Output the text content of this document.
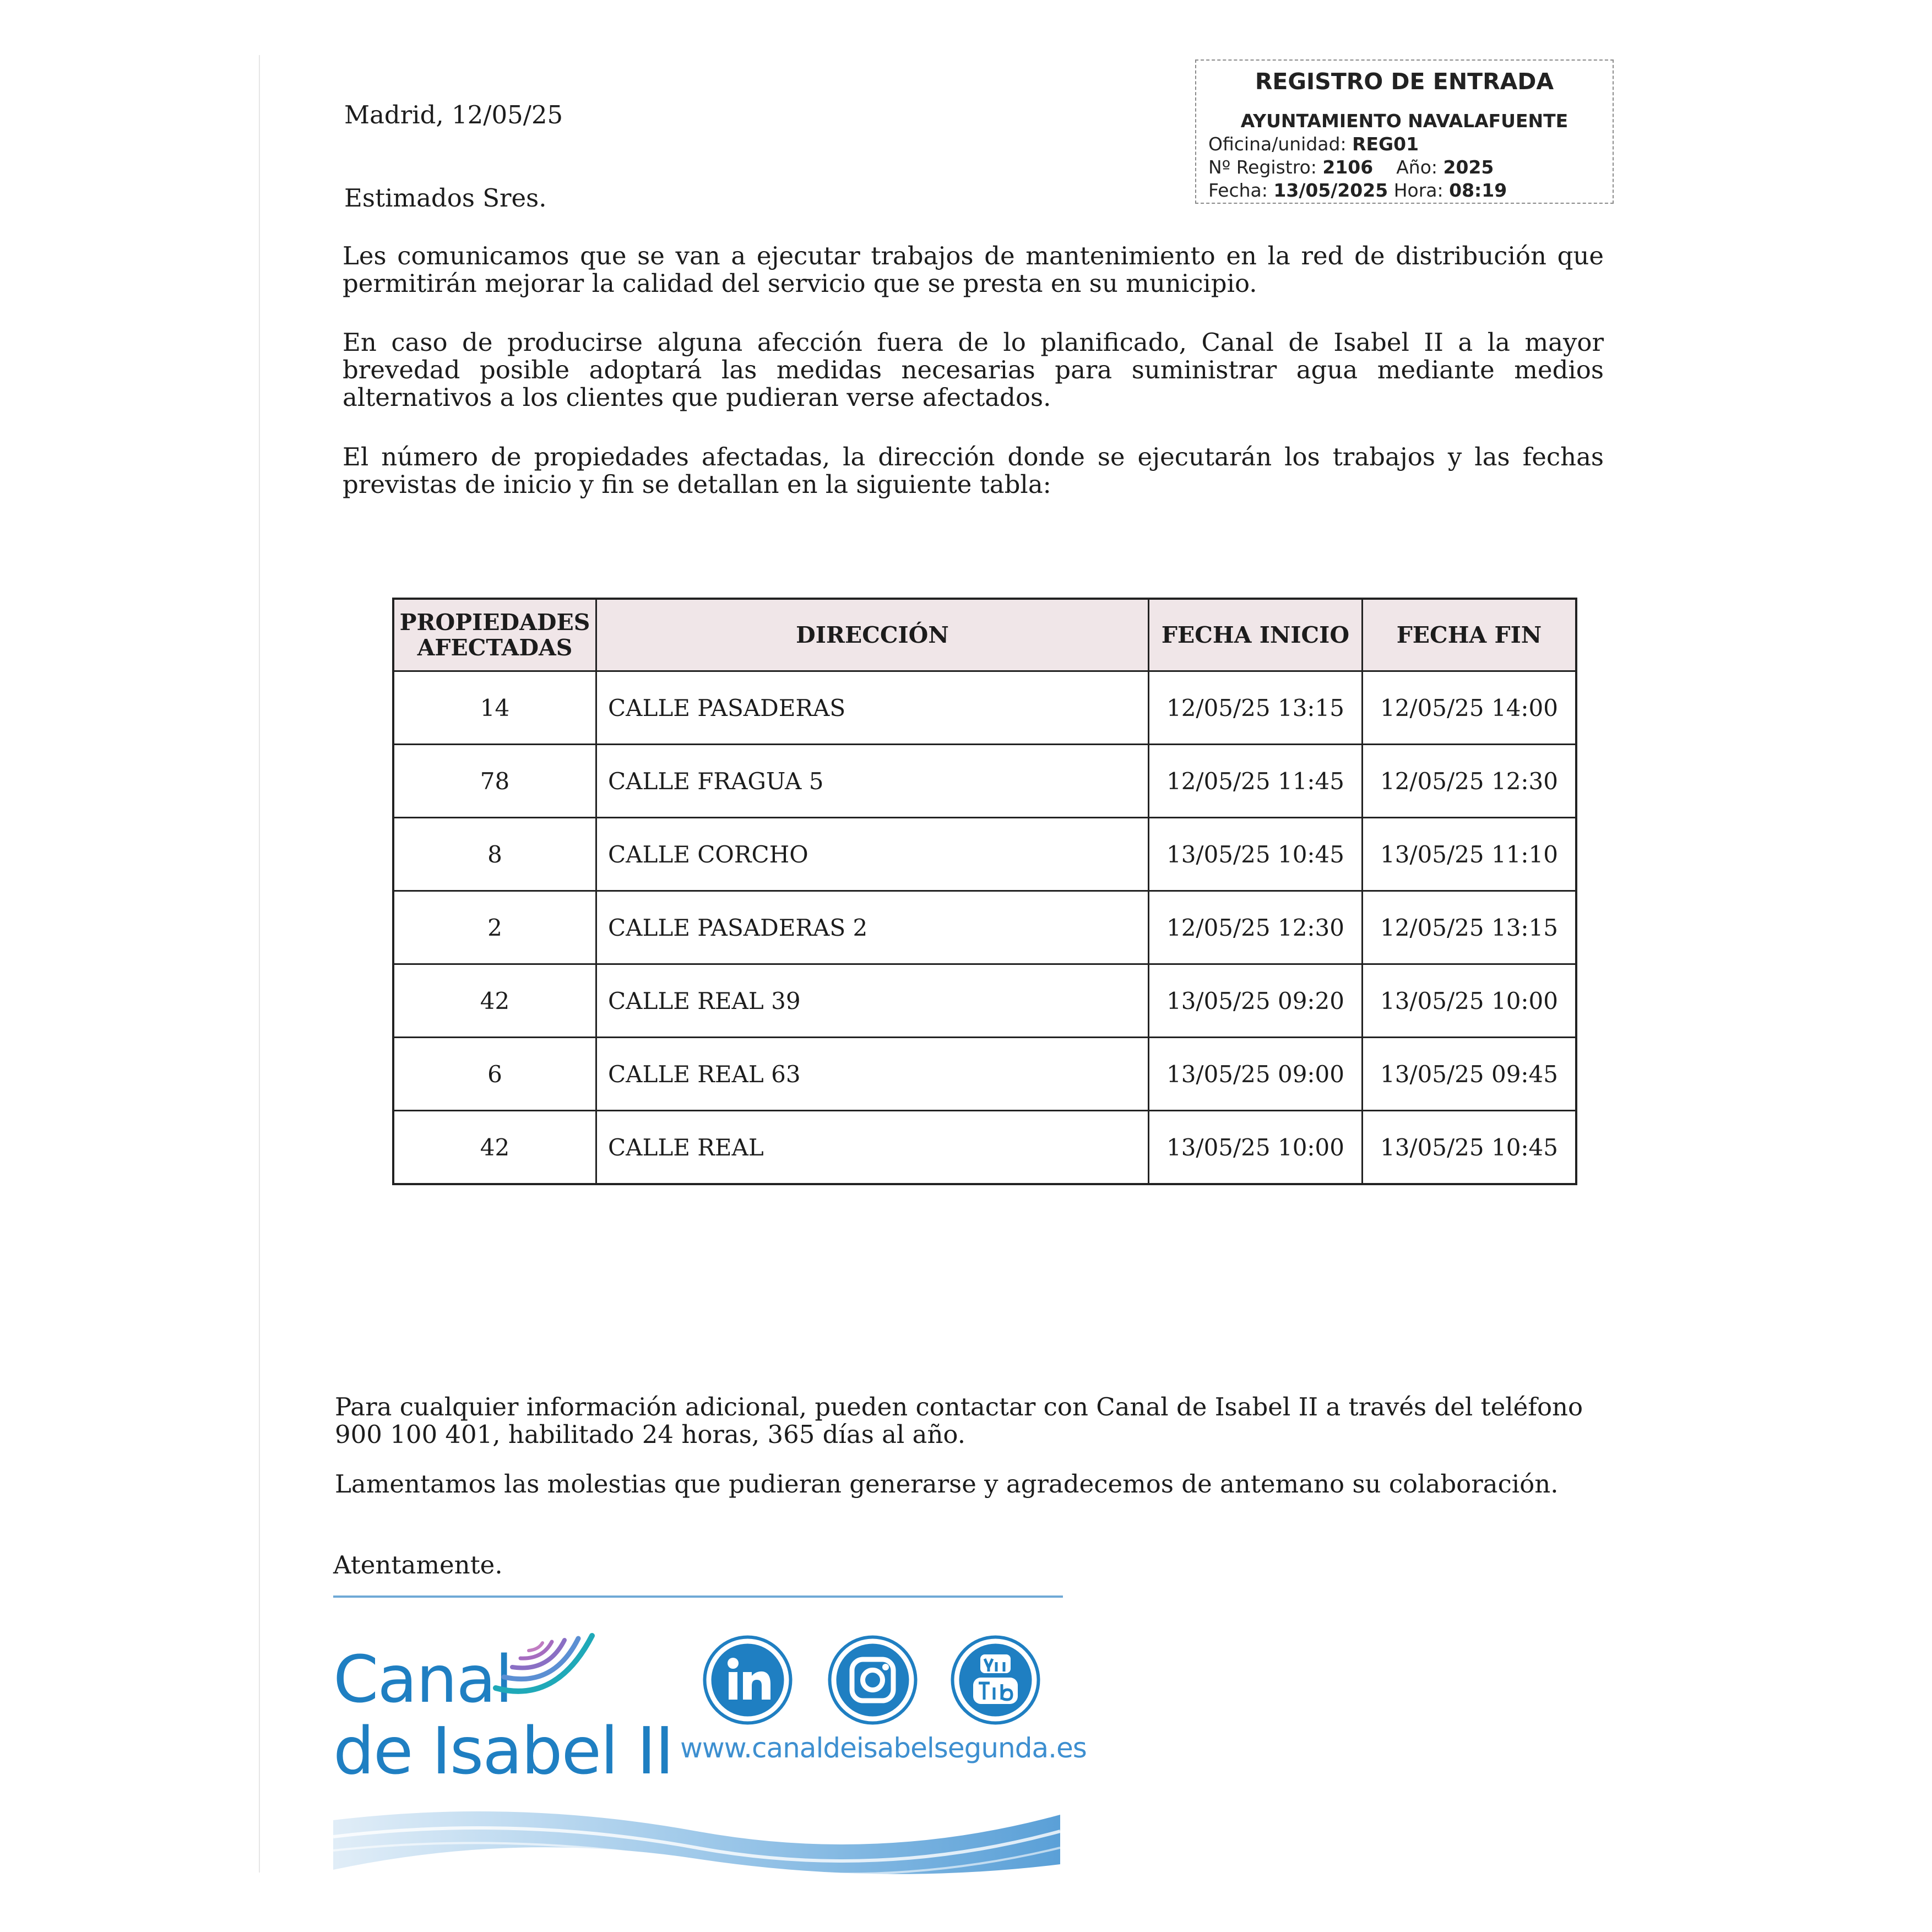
REGISTRO DE ENTRADA
AYUNTAMIENTO NAVALAFUENTE
Oficina/unidad: REG01
Nº Registro: 2106 Año: 2025
Fecha: 13/05/2025 Hora: 08:19
Madrid, 12/05/25
Estimados Sres.
Les comunicamos que se van a ejecutar trabajos de mantenimiento en la red de distribución que permitirán mejorar la calidad del servicio que se presta en su municipio.
En caso de producirse alguna afección fuera de lo planificado, Canal de Isabel II a la mayor brevedad posible adoptará las medidas necesarias para suministrar agua mediante medios alternativos a los clientes que pudieran verse afectados.
El número de propiedades afectadas, la dirección donde se ejecutarán los trabajos y las fechas previstas de inicio y fin se detallan en la siguiente tabla:
PROPIEDADES
AFECTADAS	DIRECCIÓN	FECHA INICIO	FECHA FIN
14	CALLE PASADERAS	12/05/25 13:15	12/05/25 14:00
78	CALLE FRAGUA 5	12/05/25 11:45	12/05/25 12:30
8	CALLE CORCHO	13/05/25 10:45	13/05/25 11:10
2	CALLE PASADERAS 2	12/05/25 12:30	12/05/25 13:15
42	CALLE REAL 39	13/05/25 09:20	13/05/25 10:00
6	CALLE REAL 63	13/05/25 09:00	13/05/25 09:45
42	CALLE REAL	13/05/25 10:00	13/05/25 10:45
Para cualquier información adicional, pueden contactar con Canal de Isabel II a través del teléfono 900 100 401, habilitado 24 horas, 365 días al año.
Lamentamos las molestias que pudieran generarse y agradecemos de antemano su colaboración.
Atentamente.
Canal
de Isabel II www.canaldeisabelsegunda.es
